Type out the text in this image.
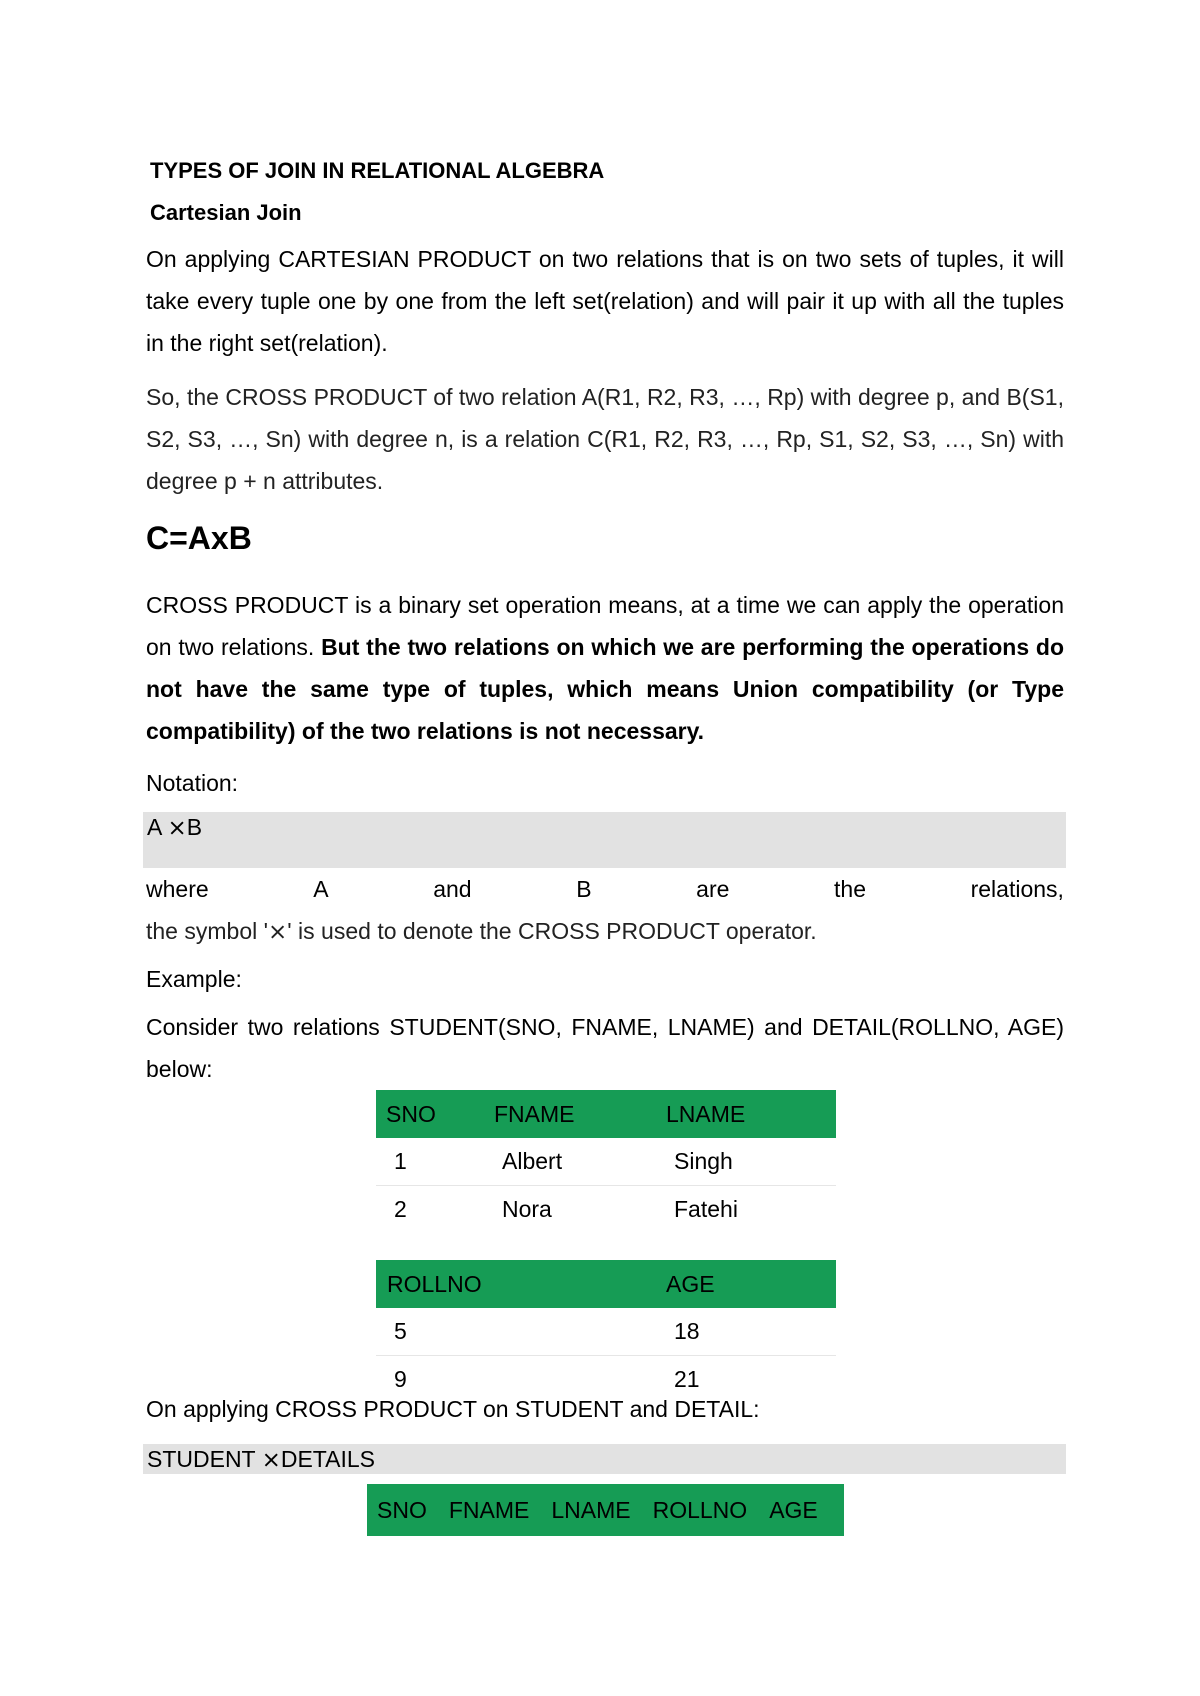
TYPES OF JOIN IN RELATIONAL ALGEBRA
Cartesian Join
On applying CARTESIAN PRODUCT on two relations that is on two sets of tuples, it will take every tuple one by one from the left set(relation) and will pair it up with all the tuples in the right set(relation).
So, the CROSS PRODUCT of two relation A(R1, R2, R3, …, Rp) with degree p, and B(S1, S2, S3, …, Sn) with degree n, is a relation C(R1, R2, R3, …, Rp, S1, S2, S3, …, Sn) with degree p + n attributes.
C=AxB
CROSS PRODUCT is a binary set operation means, at a time we can apply the operation on two relations. But the two relations on which we are performing the operations do not have the same type of tuples, which means Union compatibility (or Type compatibility) of the two relations is not necessary.
Notation:
A ⨯B
where	A	and	B	are	the	relations,
the symbol '⨯' is used to denote the CROSS PRODUCT operator.
Example:
Consider two relations STUDENT(SNO, FNAME, LNAME) and DETAIL(ROLLNO, AGE) below:
SNO	FNAME	LNAME
1	Albert	Singh
2	Nora	Fatehi
ROLLNO	AGE
5	18
9	21
On applying CROSS PRODUCT on STUDENT and DETAIL:
STUDENT ⨯DETAILS
SNO FNAME LNAME ROLLNO AGE
